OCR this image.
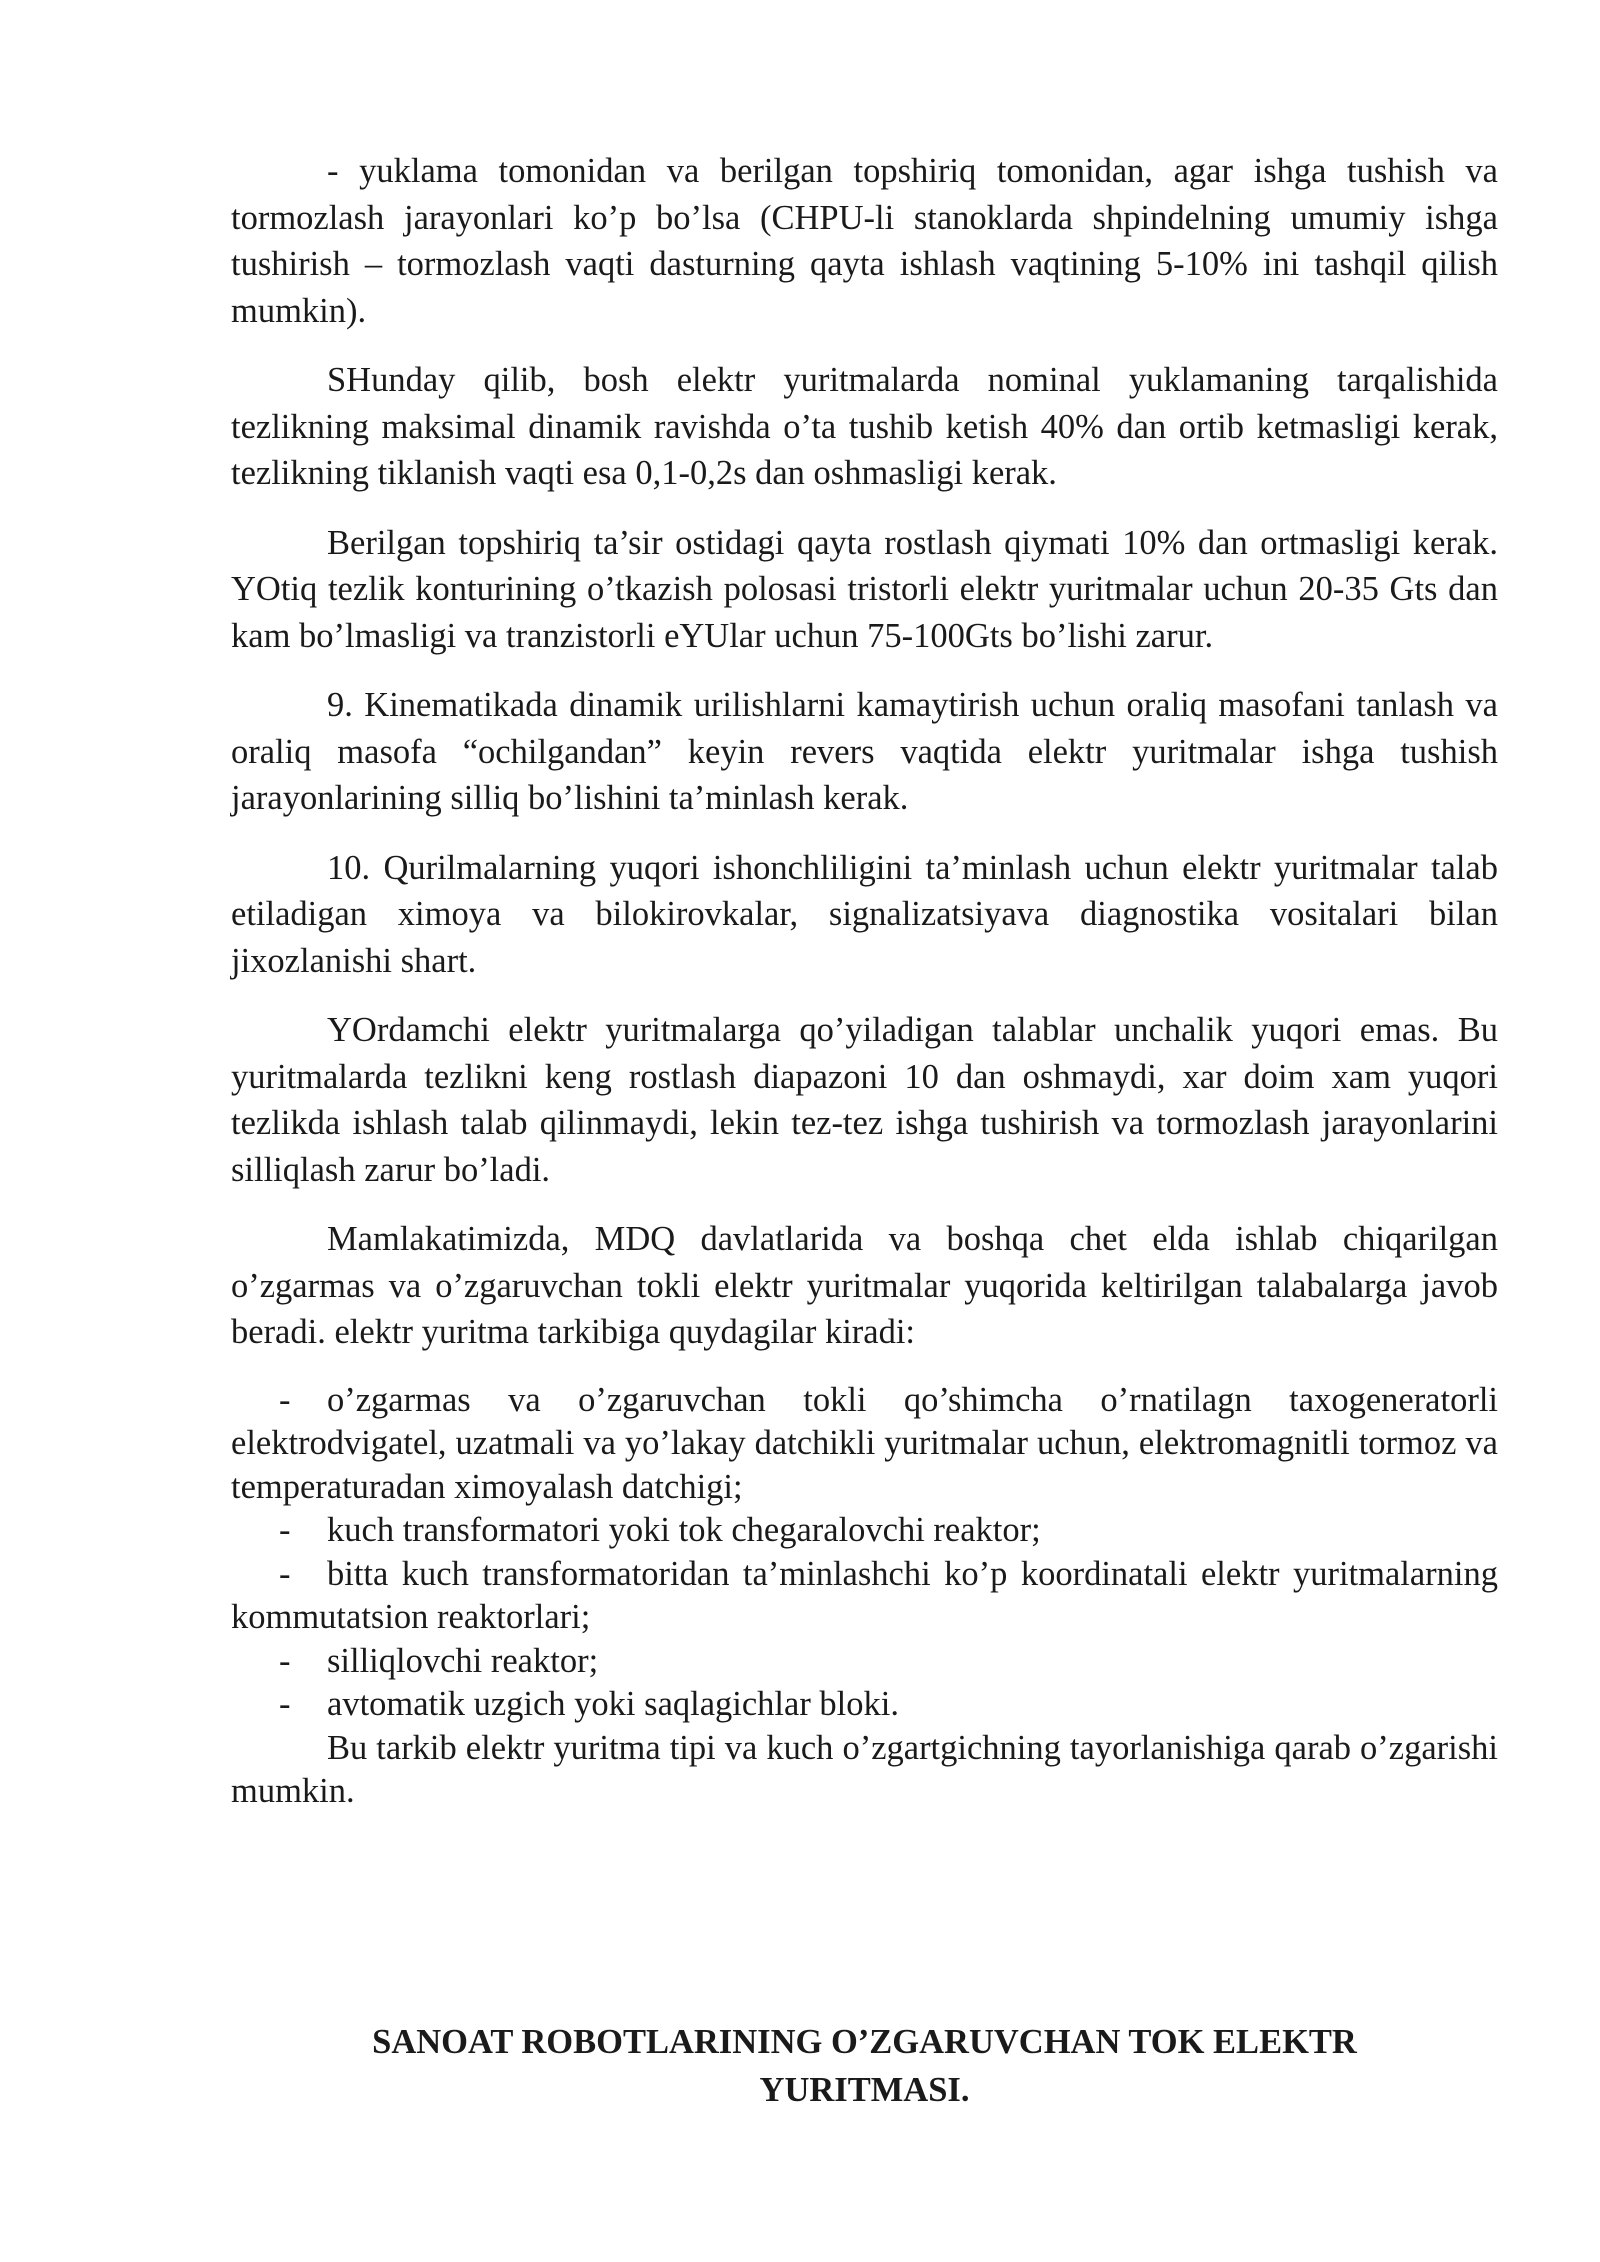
- yuklama tomonidan va berilgan topshiriq tomonidan, agar ishga tushish va tormozlash jarayonlari ko’p bo’lsa (CHPU-li stanoklarda shpindelning umumiy ishga tushirish – tormozlash vaqti dasturning qayta ishlash vaqtining 5-10% ini tashqil qilish mumkin).

SHunday qilib, bosh elektr yuritmalarda nominal yuklamaning tarqalishida tezlikning maksimal dinamik ravishda o’ta tushib ketish 40% dan ortib ketmasligi kerak, tezlikning tiklanish vaqti esa 0,1-0,2s dan oshmasligi kerak.

Berilgan topshiriq ta’sir ostidagi qayta rostlash qiymati 10% dan ortmasligi kerak. YOtiq tezlik konturining o’tkazish polosasi tristorli elektr yuritmalar uchun 20-35 Gts dan kam bo’lmasligi va tranzistorli eYUlar uchun 75-100Gts bo’lishi zarur.

9. Kinematikada dinamik urilishlarni kamaytirish uchun oraliq masofani tanlash va oraliq masofa “ochilgandan” keyin revers vaqtida elektr yuritmalar ishga tushish jarayonlarining silliq bo’lishini ta’minlash kerak.

10. Qurilmalarning yuqori ishonchliligini ta’minlash uchun elektr yuritmalar talab etiladigan ximoya va bilokirovkalar, signalizatsiyava diagnostika vositalari bilan jixozlanishi shart.

YOrdamchi elektr yuritmalarga qo’yiladigan talablar unchalik yuqori emas. Bu yuritmalarda tezlikni keng rostlash diapazoni 10 dan oshmaydi, xar doim xam yuqori tezlikda ishlash talab qilinmaydi, lekin tez-tez ishga tushirish va tormozlash jarayonlarini silliqlash zarur bo’ladi.

Mamlakatimizda, MDQ davlatlarida va boshqa chet elda ishlab chiqarilgan o’zgarmas va o’zgaruvchan tokli elektr yuritmalar yuqorida keltirilgan talabalarga javob beradi. elektr yuritma tarkibiga quydagilar kiradi:

- o’zgarmas va o’zgaruvchan tokli qo’shimcha o’rnatilagn taxogeneratorli elektrodvigatel, uzatmali va yo’lakay datchikli yuritmalar uchun, elektromagnitli tormoz va temperaturadan ximoyalash datchigi;
- kuch transformatori yoki tok chegaralovchi reaktor;
- bitta kuch transformatoridan ta’minlashchi ko’p koordinatali elektr yuritmalarning kommutatsion reaktorlari;
- silliqlovchi reaktor;
- avtomatik uzgich yoki saqlagichlar bloki.

Bu tarkib elektr yuritma tipi va kuch o’zgartgichning tayorlanishiga qarab o’zgarishi mumkin.

SANOAT ROBOTLARINING O’ZGARUVCHAN TOK ELEKTR
YURITMASI.
